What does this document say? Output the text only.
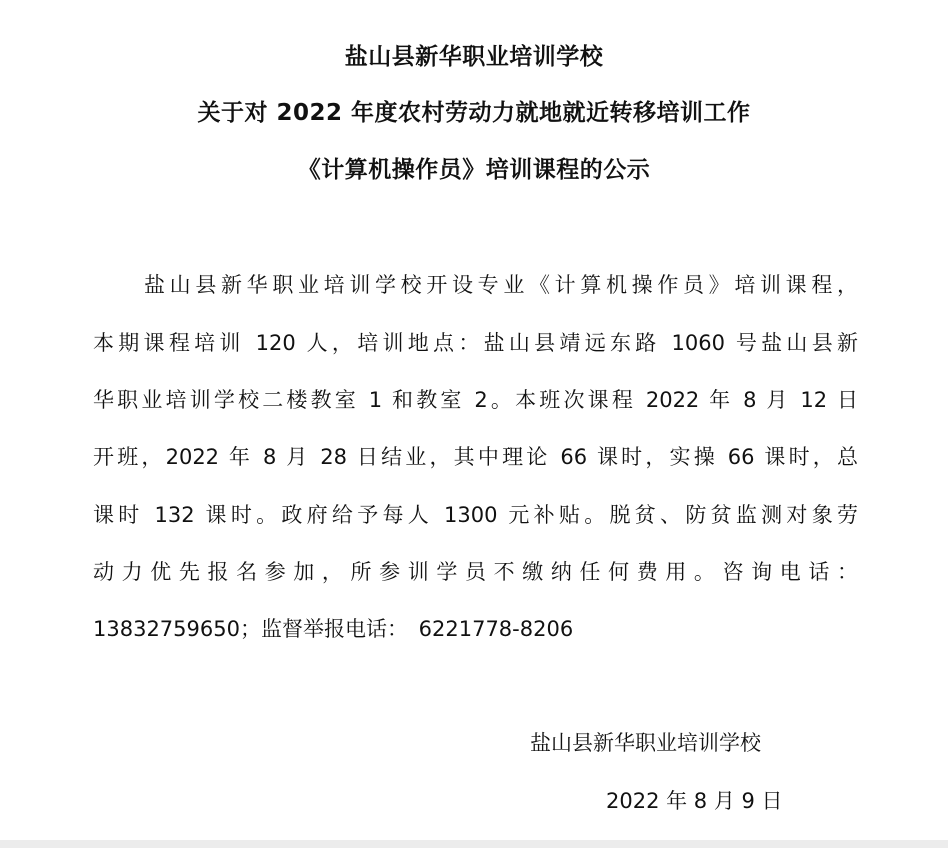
盐山县新华职业培训学校
关于对 2022 年度农村劳动力就地就近转移培训工作
《计算机操作员》培训课程的公示
盐山县新华职业培训学校开设专业《计算机操作员》培训课程，
本期课程培训 120 人，培训地点：盐山县靖远东路 1060 号盐山县新
华职业培训学校二楼教室 1 和教室 2。本班次课程 2022 年 8 月 12 日
开班，2022 年 8 月 28 日结业，其中理论 66 课时，实操 66 课时，总
课时 132 课时。政府给予每人 1300 元补贴。脱贫、防贫监测对象劳
动力优先报名参加，所参训学员不缴纳任何费用。咨询电话：
13832759650；监督举报电话： 6221778-8206
盐山县新华职业培训学校
2022 年 8 月 9 日
